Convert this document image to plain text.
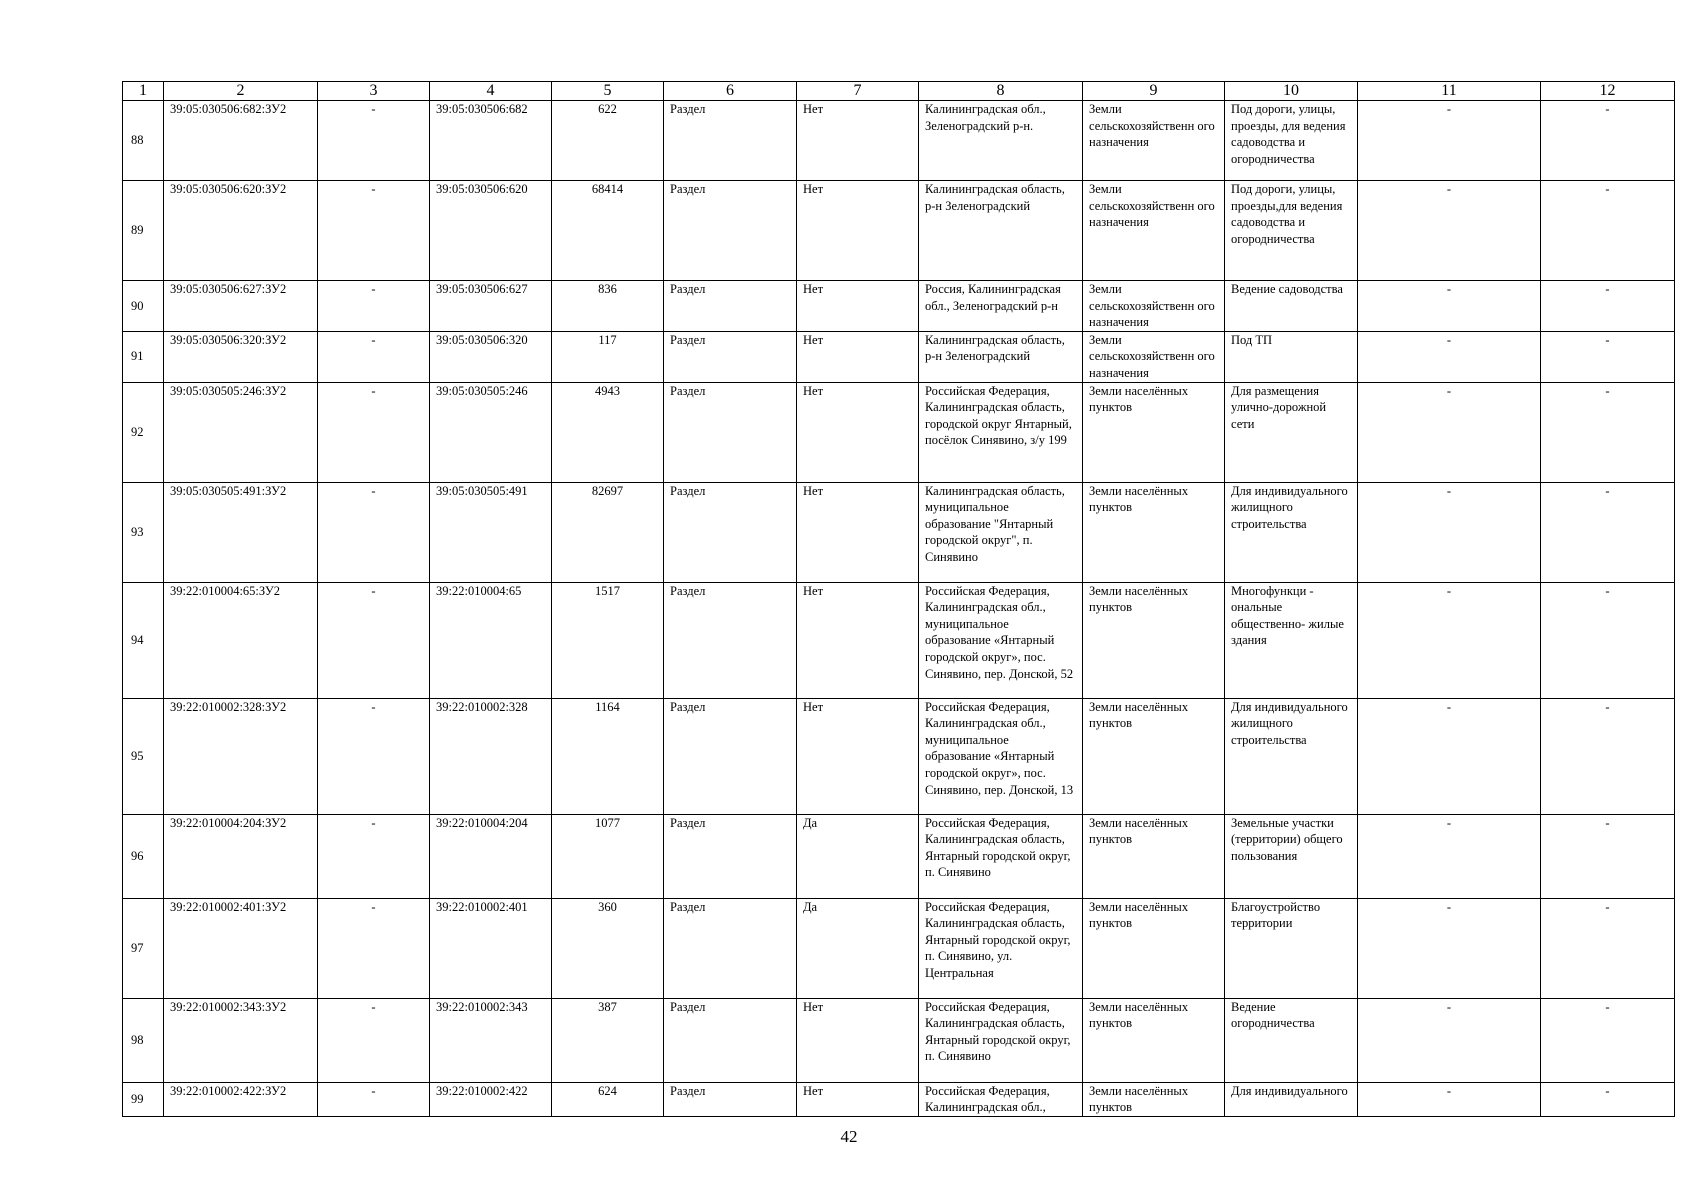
1	2	3	4	5	6	7	8	9	10	11	12
88	39:05:030506:682:ЗУ2	-	39:05:030506:682	622	Раздел	Нет	Калининградская обл., Зеленоградский р-н.	Земли сельскохозяйственн ого назначения	Под дороги, улицы, проезды, для ведения садоводства и огородничества	-	-
89	39:05:030506:620:ЗУ2	-	39:05:030506:620	68414	Раздел	Нет	Калининградская область, р-н Зеленоградский	Земли сельскохозяйственн ого назначения	Под дороги, улицы, проезды,для ведения садоводства и огородничества	-	-
90	39:05:030506:627:ЗУ2	-	39:05:030506:627	836	Раздел	Нет	Россия, Калининградская обл., Зеленоградский р-н	Земли сельскохозяйственн ого назначения	Ведение садоводства	-	-
91	39:05:030506:320:ЗУ2	-	39:05:030506:320	117	Раздел	Нет	Калининградская область, р-н Зеленоградский	Земли сельскохозяйственн ого назначения	Под ТП	-	-
92	39:05:030505:246:ЗУ2	-	39:05:030505:246	4943	Раздел	Нет	Российская Федерация, Калининградская область, городской округ Янтарный, посёлок Синявино, з/у 199	Земли населённых пунктов	Для размещения улично-дорожной сети	-	-
93	39:05:030505:491:ЗУ2	-	39:05:030505:491	82697	Раздел	Нет	Калининградская область, муниципальное образование "Янтарный городской округ", п. Синявино	Земли населённых пунктов	Для индивидуального жилищного строительства	-	-
94	39:22:010004:65:ЗУ2	-	39:22:010004:65	1517	Раздел	Нет	Российская Федерация, Калининградская обл., муниципальное образование «Янтарный городской округ», пос. Синявино, пер. Донской, 52	Земли населённых пунктов	Многофункци - ональные общественно- жилые здания	-	-
95	39:22:010002:328:ЗУ2	-	39:22:010002:328	1164	Раздел	Нет	Российская Федерация, Калининградская обл., муниципальное образование «Янтарный городской округ», пос. Синявино, пер. Донской, 13	Земли населённых пунктов	Для индивидуального жилищного строительства	-	-
96	39:22:010004:204:ЗУ2	-	39:22:010004:204	1077	Раздел	Да	Российская Федерация, Калининградская область, Янтарный городской округ, п. Синявино	Земли населённых пунктов	Земельные участки (территории) общего пользования	-	-
97	39:22:010002:401:ЗУ2	-	39:22:010002:401	360	Раздел	Да	Российская Федерация, Калининградская область, Янтарный городской округ, п. Синявино, ул. Центральная	Земли населённых пунктов	Благоустройство территории	-	-
98	39:22:010002:343:ЗУ2	-	39:22:010002:343	387	Раздел	Нет	Российская Федерация, Калининградская область, Янтарный городской округ, п. Синявино	Земли населённых пунктов	Ведение огородничества	-	-
99	39:22:010002:422:ЗУ2	-	39:22:010002:422	624	Раздел	Нет	Российская Федерация, Калининградская обл.,	Земли населённых пунктов	Для индивидуального	-	-
42
